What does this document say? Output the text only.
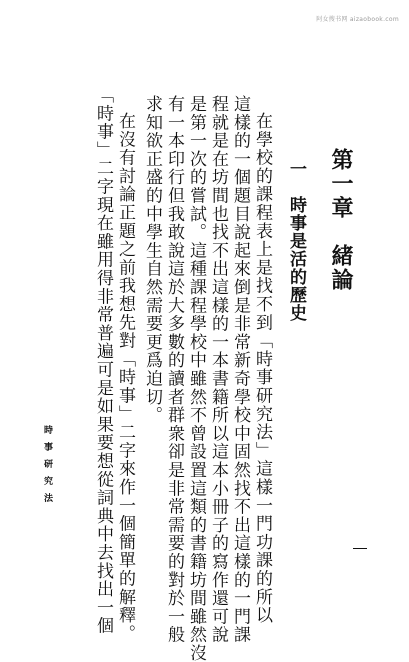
阿女搜书网 aizaobook.com
第一章　緒論
一　時事是活的歷史
在學校的課程表上是找不到「時事研究法」這樣一門功課的所以
這樣的一個題目說起來倒是非常新奇學校中固然找不出這樣的一門課
程就是在坊間也找不出這樣的一本書籍所以這本小冊子的寫作還可說
是第一次的嘗試。這種課程學校中雖然不曾設置這類的書籍坊間雖然沒
有一本印行但我敢說這於大多數的讀者群衆卻是非常需要的對於一般
求知欲正盛的中學生自然需要更爲迫切。
在沒有討論正題之前我想先對「時事」二字來作一個簡單的解釋。
「時事」二字現在雖用得非常普遍可是如果要想從詞典中去找出一個
時事研究法
